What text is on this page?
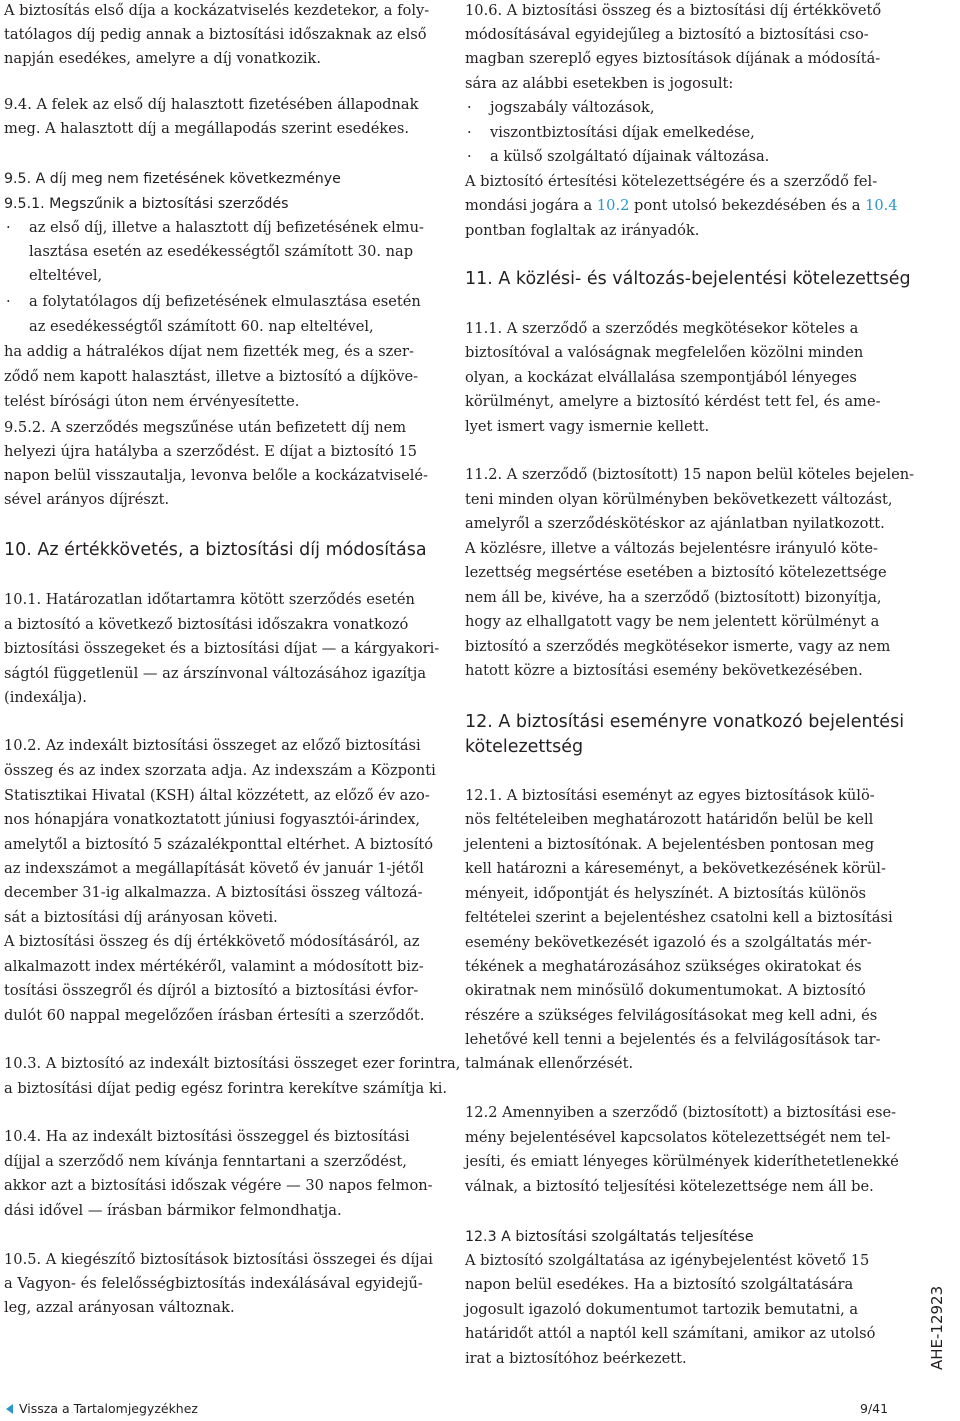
A biztosítás első díja a kockázatviselés kezdetekor, a foly-
tatólagos díj pedig annak a biztosítási időszaknak az első
napján esedékes, amelyre a díj vonatkozik.
9.4. A felek az első díj halasztott fizetésében állapodnak
meg. A halasztott díj a megállapodás szerint esedékes.
9.5. A díj meg nem fizetésének következménye
9.5.1. Megszűnik a biztosítási szerződés
· az első díj, illetve a halasztott díj befizetésének elmu-
lasztása esetén az esedékességtől számított 30. nap
elteltével,
· a folytatólagos díj befizetésének elmulasztása esetén
az esedékességtől számított 60. nap elteltével,
ha addig a hátralékos díjat nem fizették meg, és a szer-
ződő nem kapott halasztást, illetve a biztosító a díjköve-
telést bírósági úton nem érvényesítette.
9.5.2. A szerződés megszűnése után befizetett díj nem
helyezi újra hatályba a szerződést. E díjat a biztosító 15
napon belül visszautalja, levonva belőle a kockázatviselé-
sével arányos díjrészt.
10. Az értékkövetés, a biztosítási díj módosítása
10.1. Határozatlan időtartamra kötött szerződés esetén
a biztosító a következő biztosítási időszakra vonatkozó
biztosítási összegeket és a biztosítási díjat — a kárgyakori-
ságtól függetlenül — az árszínvonal változásához igazítja
(indexálja).
10.2. Az indexált biztosítási összeget az előző biztosítási
összeg és az index szorzata adja. Az indexszám a Központi
Statisztikai Hivatal (KSH) által közzétett, az előző év azo-
nos hónapjára vonatkoztatott júniusi fogyasztói-árindex,
amelytől a biztosító 5 százalékponttal eltérhet. A biztosító
az indexszámot a megállapítását követő év január 1-jétől
december 31-ig alkalmazza. A biztosítási összeg változá-
sát a biztosítási díj arányosan követi.
A biztosítási összeg és díj értékkövető módosításáról, az
alkalmazott index mértékéről, valamint a módosított biz-
tosítási összegről és díjról a biztosító a biztosítási évfor-
dulót 60 nappal megelőzően írásban értesíti a szerződőt.
10.3. A biztosító az indexált biztosítási összeget ezer forintra,
a biztosítási díjat pedig egész forintra kerekítve számítja ki.
10.4. Ha az indexált biztosítási összeggel és biztosítási
díjjal a szerződő nem kívánja fenntartani a szerződést,
akkor azt a biztosítási időszak végére — 30 napos felmon-
dási idővel — írásban bármikor felmondhatja.
10.5. A kiegészítő biztosítások biztosítási összegei és díjai
a Vagyon- és felelősségbiztosítás indexálásával egyidejű-
leg, azzal arányosan változnak.
10.6. A biztosítási összeg és a biztosítási díj értékkövető
módosításával egyidejűleg a biztosító a biztosítási cso-
magban szereplő egyes biztosítások díjának a módosítá-
sára az alábbi esetekben is jogosult:
· jogszabály változások,
· viszontbiztosítási díjak emelkedése,
· a külső szolgáltató díjainak változása.
A biztosító értesítési kötelezettségére és a szerződő fel-
mondási jogára a 10.2 pont utolsó bekezdésében és a 10.4
pontban foglaltak az irányadók.
11. A közlési- és változás-bejelentési kötelezettség
11.1. A szerződő a szerződés megkötésekor köteles a
biztosítóval a valóságnak megfelelően közölni minden
olyan, a kockázat elvállalása szempontjából lényeges
körülményt, amelyre a biztosító kérdést tett fel, és ame-
lyet ismert vagy ismernie kellett.
11.2. A szerződő (biztosított) 15 napon belül köteles bejelen-
teni minden olyan körülményben bekövetkezett változást,
amelyről a szerződéskötéskor az ajánlatban nyilatkozott.
A közlésre, illetve a változás bejelentésre irányuló köte-
lezettség megsértése esetében a biztosító kötelezettsége
nem áll be, kivéve, ha a szerződő (biztosított) bizonyítja,
hogy az elhallgatott vagy be nem jelentett körülményt a
biztosító a szerződés megkötésekor ismerte, vagy az nem
hatott közre a biztosítási esemény bekövetkezésében.
12. A biztosítási eseményre vonatkozó bejelentési
kötelezettség
12.1. A biztosítási eseményt az egyes biztosítások külö-
nös feltételeiben meghatározott határidőn belül be kell
jelenteni a biztosítónak. A bejelentésben pontosan meg
kell határozni a káreseményt, a bekövetkezésének körül-
ményeit, időpontját és helyszínét. A biztosítás különös
feltételei szerint a bejelentéshez csatolni kell a biztosítási
esemény bekövetkezését igazoló és a szolgáltatás mér-
tékének a meghatározásához szükséges okiratokat és
okiratnak nem minősülő dokumentumokat. A biztosító
részére a szükséges felvilágosításokat meg kell adni, és
lehetővé kell tenni a bejelentés és a felvilágosítások tar-
talmának ellenőrzését.
12.2 Amennyiben a szerződő (biztosított) a biztosítási ese-
mény bejelentésével kapcsolatos kötelezettségét nem tel-
jesíti, és emiatt lényeges körülmények kideríthetetlenekké
válnak, a biztosító teljesítési kötelezettsége nem áll be.
12.3 A biztosítási szolgáltatás teljesítése
A biztosító szolgáltatása az igénybejelentést követő 15
napon belül esedékes. Ha a biztosító szolgáltatására
jogosult igazoló dokumentumot tartozik bemutatni, a
határidőt attól a naptól kell számítani, amikor az utolsó
irat a biztosítóhoz beérkezett.	AHE-12923
Vissza a Tartalomjegyzékhez	9/41
